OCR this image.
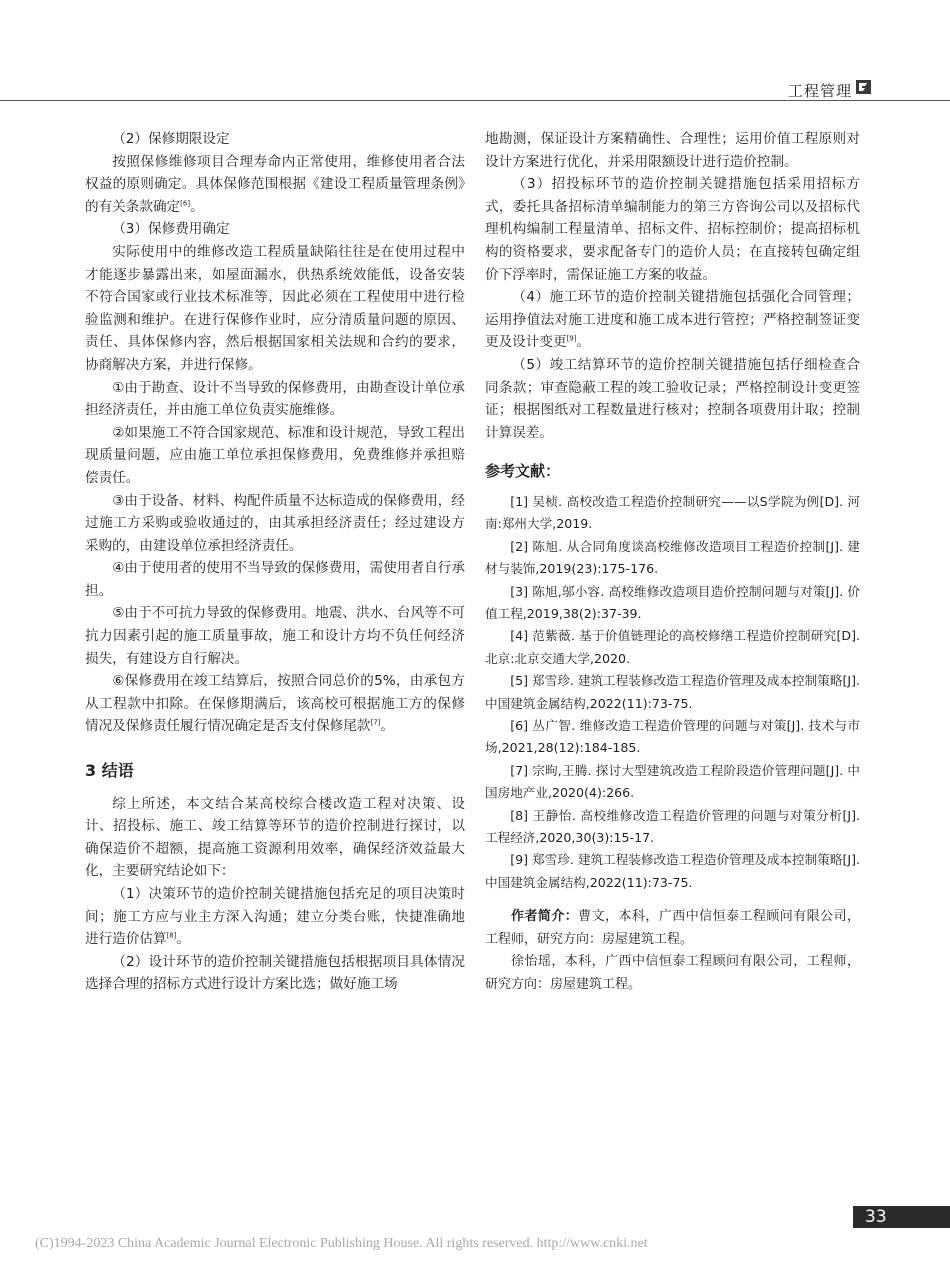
工程管理

（2）保修期限设定

按照保修维修项目合理寿命内正常使用，维修使用者合法权益的原则确定。具体保修范围根据《建设工程质量管理条例》的有关条款确定[6]。

（3）保修费用确定

实际使用中的维修改造工程质量缺陷往往是在使用过程中才能逐步暴露出来，如屋面漏水，供热系统效能低，设备安装不符合国家或行业技术标准等，因此必须在工程使用中进行检验监测和维护。在进行保修作业时，应分清质量问题的原因、责任、具体保修内容，然后根据国家相关法规和合约的要求，协商解决方案，并进行保修。

①由于勘查、设计不当导致的保修费用，由勘查设计单位承担经济责任，并由施工单位负责实施维修。

②如果施工不符合国家规范、标准和设计规范，导致工程出现质量问题，应由施工单位承担保修费用，免费维修并承担赔偿责任。

③由于设备、材料、构配件质量不达标造成的保修费用，经过施工方采购或验收通过的，由其承担经济责任；经过建设方采购的，由建设单位承担经济责任。

④由于使用者的使用不当导致的保修费用，需使用者自行承担。

⑤由于不可抗力导致的保修费用。地震、洪水、台风等不可抗力因素引起的施工质量事故，施工和设计方均不负任何经济损失，有建设方自行解决。

⑥保修费用在竣工结算后，按照合同总价的5%，由承包方从工程款中扣除。在保修期满后，该高校可根据施工方的保修情况及保修责任履行情况确定是否支付保修尾款[7]。

3 结语

综上所述，本文结合某高校综合楼改造工程对决策、设计、招投标、施工、竣工结算等环节的造价控制进行探讨，以确保造价不超额，提高施工资源利用效率，确保经济效益最大化，主要研究结论如下：

（1）决策环节的造价控制关键措施包括充足的项目决策时间；施工方应与业主方深入沟通；建立分类台账，快捷准确地进行造价估算[8]。

（2）设计环节的造价控制关键措施包括根据项目具体情况选择合理的招标方式进行设计方案比选；做好施工场

地勘测，保证设计方案精确性、合理性；运用价值工程原则对设计方案进行优化，并采用限额设计进行造价控制。

（3）招投标环节的造价控制关键措施包括采用招标方式，委托具备招标清单编制能力的第三方咨询公司以及招标代理机构编制工程量清单、招标文件、招标控制价；提高招标机构的资格要求，要求配备专门的造价人员；在直接转包确定组价下浮率时，需保证施工方案的收益。

（4）施工环节的造价控制关键措施包括强化合同管理；运用挣值法对施工进度和施工成本进行管控；严格控制签证变更及设计变更[9]。

（5）竣工结算环节的造价控制关键措施包括仔细检查合同条款；审查隐蔽工程的竣工验收记录；严格控制设计变更签证；根据图纸对工程数量进行核对；控制各项费用计取；控制计算误差。

参考文献：

[1] 吴桢. 高校改造工程造价控制研究——以S学院为例[D]. 河南:郑州大学,2019.

[2] 陈旭. 从合同角度谈高校维修改造项目工程造价控制[J]. 建材与装饰,2019(23):175-176.

[3] 陈旭,邬小容. 高校维修改造项目造价控制问题与对策[J]. 价值工程,2019,38(2):37-39.

[4] 范紫薇. 基于价值链理论的高校修缮工程造价控制研究[D]. 北京:北京交通大学,2020.

[5] 郑雪珍. 建筑工程装修改造工程造价管理及成本控制策略[J]. 中国建筑金属结构,2022(11):73-75.

[6] 丛广智. 维修改造工程造价管理的问题与对策[J]. 技术与市场,2021,28(12):184-185.

[7] 宗昫,王腾. 探讨大型建筑改造工程阶段造价管理问题[J]. 中国房地产业,2020(4):266.

[8] 王静怡. 高校维修改造工程造价管理的问题与对策分析[J]. 工程经济,2020,30(3):15-17.

[9] 郑雪珍. 建筑工程装修改造工程造价管理及成本控制策略[J]. 中国建筑金属结构,2022(11):73-75.

作者简介：曹文，本科，广西中信恒泰工程顾问有限公司，工程师，研究方向：房屋建筑工程。

徐怡瑶，本科，广西中信恒泰工程顾问有限公司，工程师，研究方向：房屋建筑工程。

33
(C)1994-2023 China Academic Journal Electronic Publishing House. All rights reserved. http://www.cnki.net
